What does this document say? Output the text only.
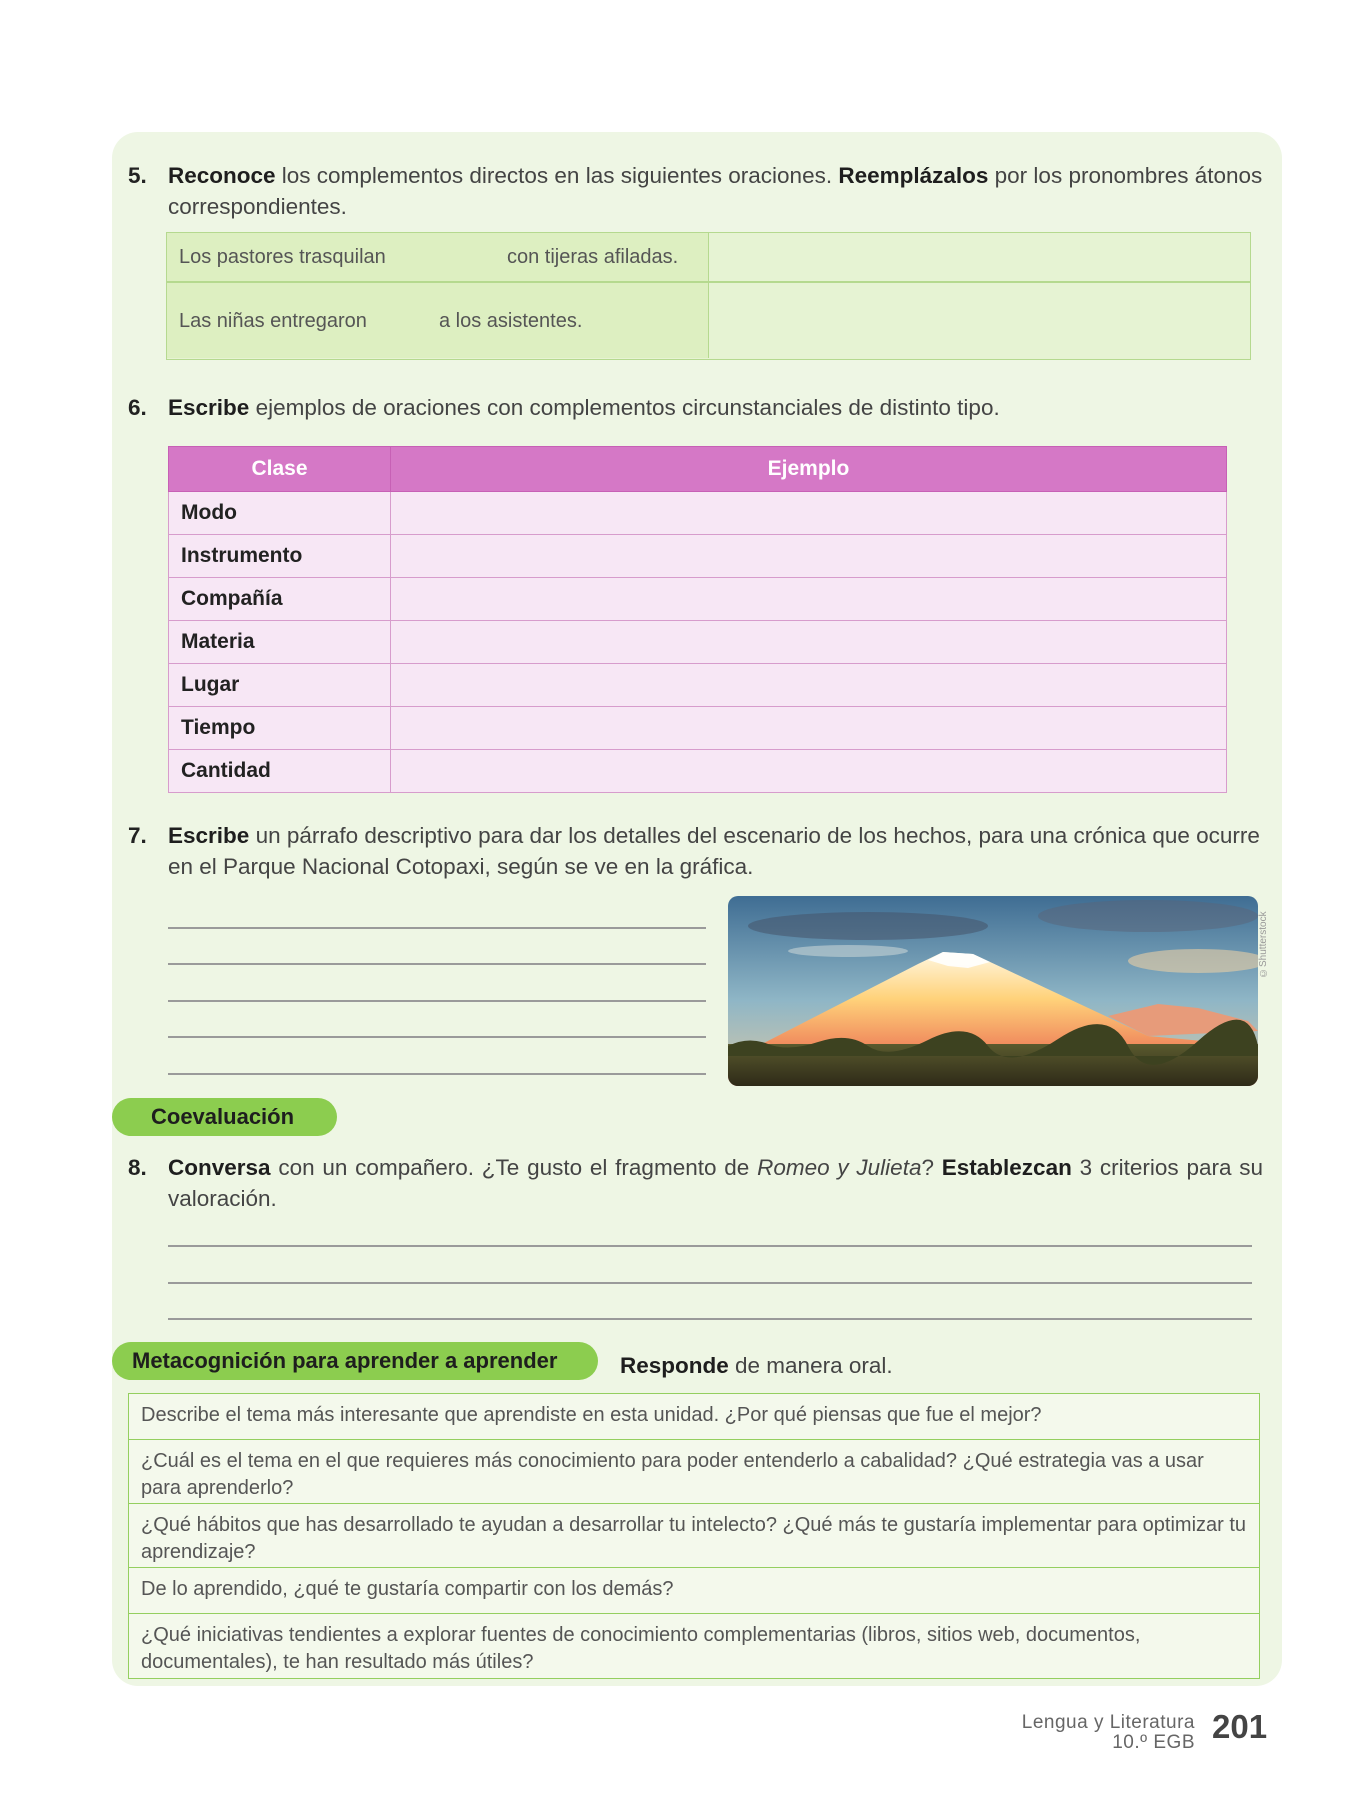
5. Reconoce los complementos directos en las siguientes oraciones. Reemplázalos por los pronombres átonos correspondientes.
Los pastores trasquilan	con tijeras afiladas.
Las niñas entregaron	a los asistentes.
6. Escribe ejemplos de oraciones con complementos circunstanciales de distinto tipo.
Clase	Ejemplo
Modo	
Instrumento	
Compañía	
Materia	
Lugar	
Tiempo	
Cantidad	
7. Escribe un párrafo descriptivo para dar los detalles del escenario de los hechos, para una crónica que ocurre en el Parque Nacional Cotopaxi, según se ve en la gráfica.
©Shutterstock
Coevaluación
8. Conversa con un compañero. ¿Te gusto el fragmento de Romeo y Julieta? Establezcan 3 criterios para su valoración.
Metacognición para aprender a aprender	Responde de manera oral.
Describe el tema más interesante que aprendiste en esta unidad. ¿Por qué piensas que fue el mejor?
¿Cuál es el tema en el que requieres más conocimiento para poder entenderlo a cabalidad? ¿Qué estrategia vas a usar para aprenderlo?
¿Qué hábitos que has desarrollado te ayudan a desarrollar tu intelecto? ¿Qué más te gustaría implementar para optimizar tu aprendizaje?
De lo aprendido, ¿qué te gustaría compartir con los demás?
¿Qué iniciativas tendientes a explorar fuentes de conocimiento complementarias (libros, sitios web, documentos, documentales), te han resultado más útiles?
Lengua y Literatura
10.º EGB 201
